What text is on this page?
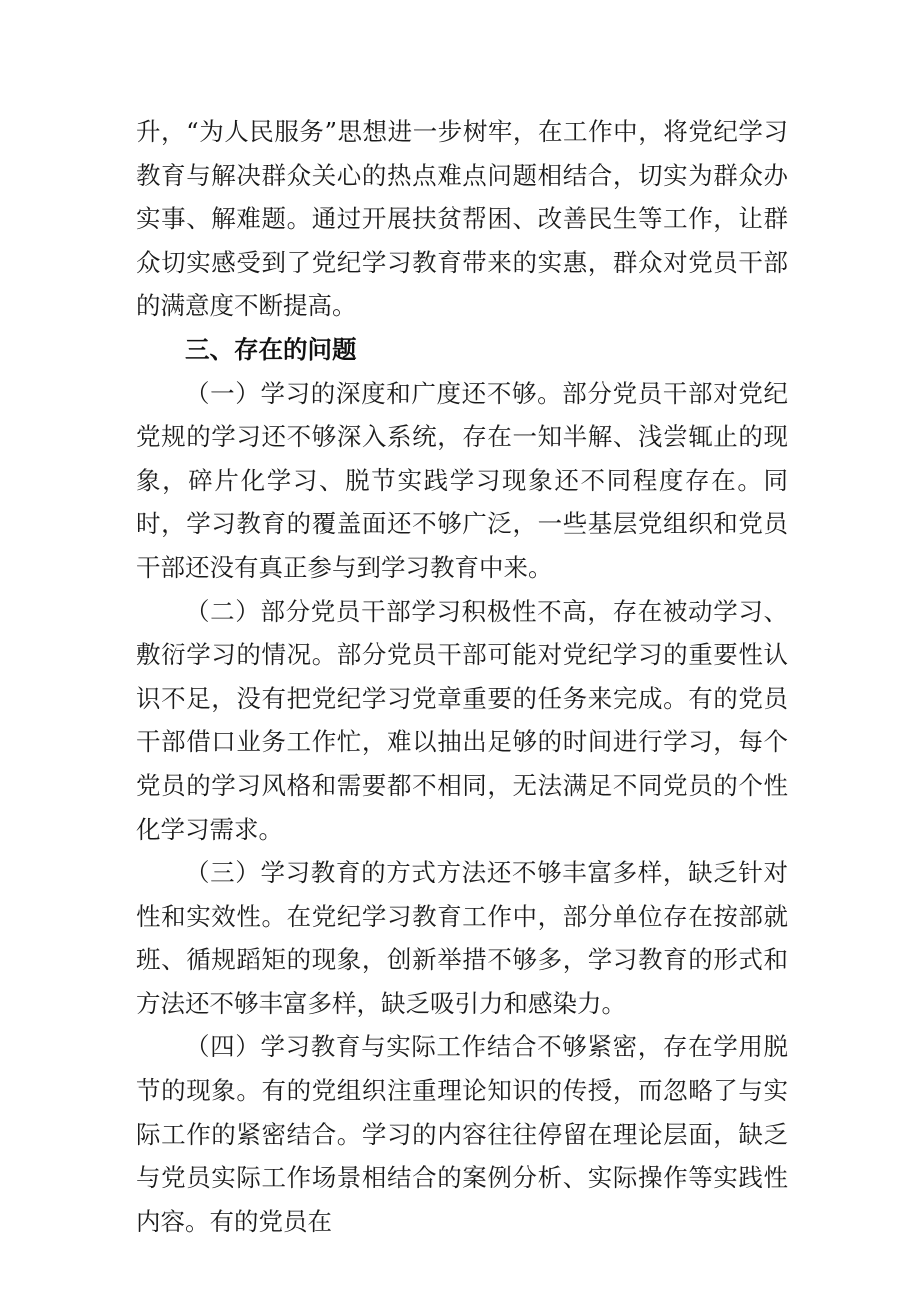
升，“为人民服务”思想进一步树牢，在工作中，将党纪学习教育与解决群众关心的热点难点问题相结合，切实为群众办实事、解难题。通过开展扶贫帮困、改善民生等工作，让群众切实感受到了党纪学习教育带来的实惠，群众对党员干部的满意度不断提高。

三、存在的问题

（一）学习的深度和广度还不够。部分党员干部对党纪党规的学习还不够深入系统，存在一知半解、浅尝辄止的现象，碎片化学习、脱节实践学习现象还不同程度存在。同时，学习教育的覆盖面还不够广泛，一些基层党组织和党员干部还没有真正参与到学习教育中来。

（二）部分党员干部学习积极性不高，存在被动学习、敷衍学习的情况。部分党员干部可能对党纪学习的重要性认识不足，没有把党纪学习党章重要的任务来完成。有的党员干部借口业务工作忙，难以抽出足够的时间进行学习，每个党员的学习风格和需要都不相同，无法满足不同党员的个性化学习需求。

（三）学习教育的方式方法还不够丰富多样，缺乏针对性和实效性。在党纪学习教育工作中，部分单位存在按部就班、循规蹈矩的现象，创新举措不够多，学习教育的形式和方法还不够丰富多样，缺乏吸引力和感染力。

（四）学习教育与实际工作结合不够紧密，存在学用脱节的现象。有的党组织注重理论知识的传授，而忽略了与实际工作的紧密结合。学习的内容往往停留在理论层面，缺乏与党员实际工作场景相结合的案例分析、实际操作等实践性内容。有的党员在
